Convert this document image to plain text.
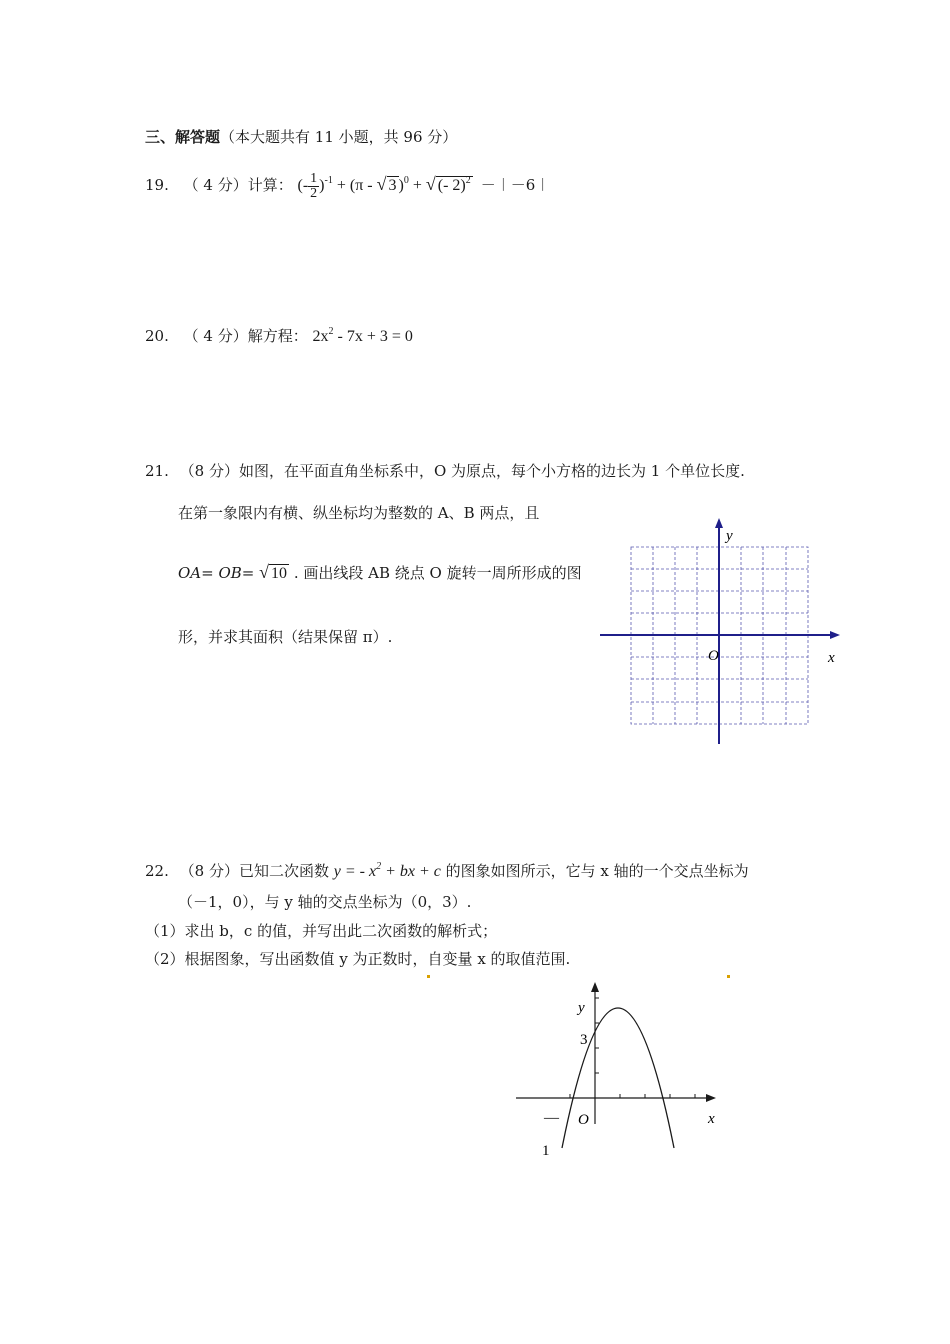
三、解答题（本大题共有 11 小题，共 96 分）
19. （ 4 分）计算： (- $\frac{1}{2} )^{-1} + (\pi$ - √ 3 )$^0$ + √ (- 2)$^2$ －︱－6︱
20. （ 4 分）解方程： $2x^2 - 7x + 3 = 0$
21. （8 分）如图，在平面直角坐标系中，O 为原点，每个小方格的边长为 1 个单位长度.
在第一象限内有横、纵坐标均为整数的 A、B 两点，且
OA= OB= √ 10 . 画出线段 AB 绕点 O 旋转一周所形成的图
形，并求其面积（结果保留 π）.
y
x
O
22. （8 分）已知二次函数 y = - $x^2$ + bx + c 的图象如图所示，它与 x 轴的一个交点坐标为
（－1，0），与 y 轴的交点坐标为（0，3）.
（1）求出 b，c 的值，并写出此二次函数的解析式；
（2）根据图象，写出函数值 y 为正数时，自变量 x 的取值范围.
y
3
x
O
—
1
